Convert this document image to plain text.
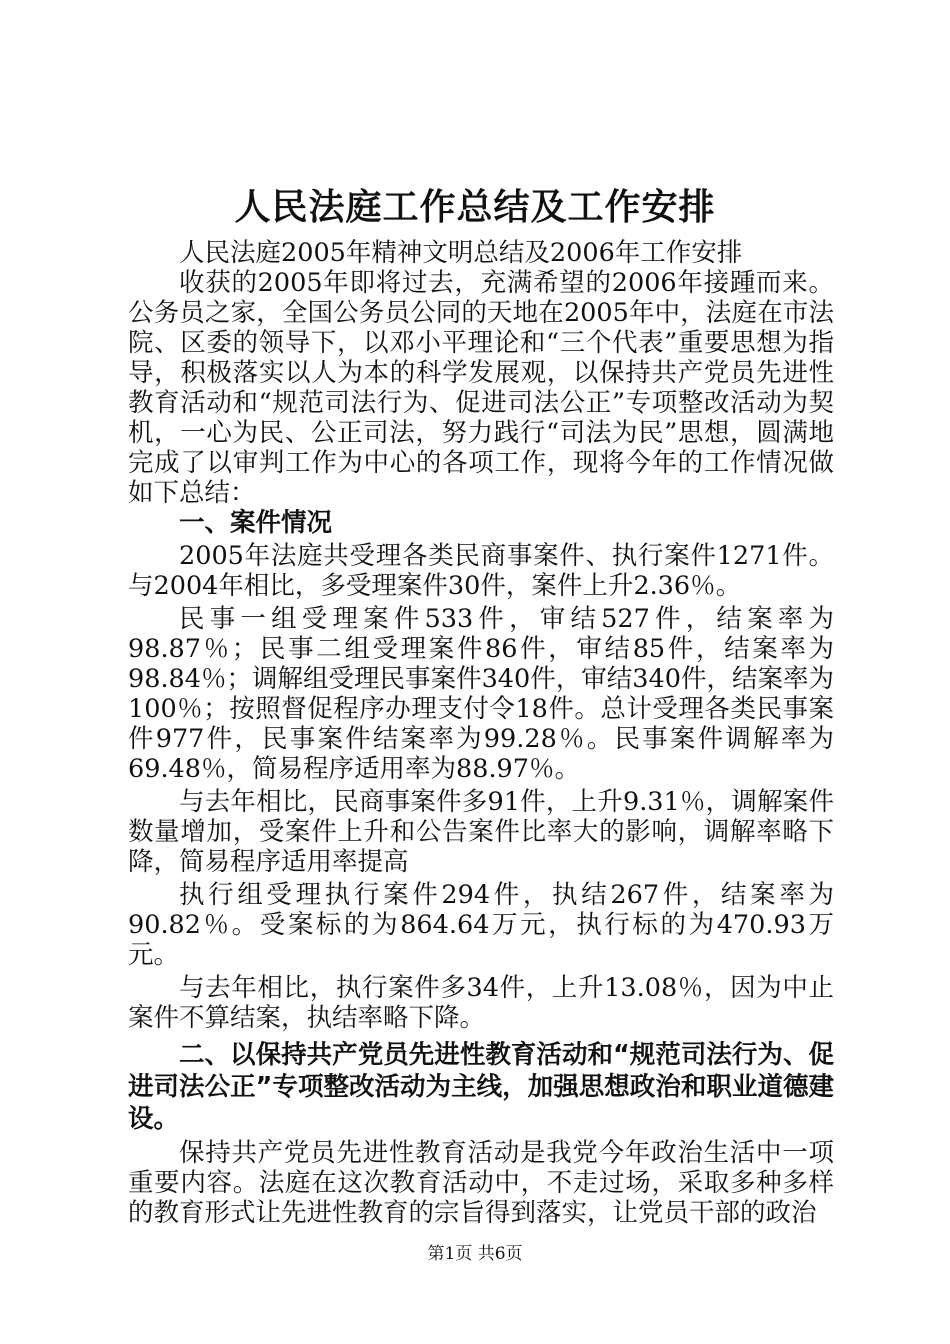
人民法庭工作总结及工作安排

人民法庭2005年精神文明总结及2006年工作安排

收获的2005年即将过去，充满希望的2006年接踵而来。公务员之家，全国公务员公同的天地在2005年中，法庭在市法院、区委的领导下，以邓小平理论和“三个代表”重要思想为指导，积极落实以人为本的科学发展观，以保持共产党员先进性教育活动和“规范司法行为、促进司法公正”专项整改活动为契机，一心为民、公正司法，努力践行“司法为民”思想，圆满地完成了以审判工作为中心的各项工作，现将今年的工作情况做如下总结：

一、案件情况

2005年法庭共受理各类民商事案件、执行案件1271件。与2004年相比，多受理案件30件，案件上升2.36％。

民事一组受理案件533件，审结527件，结案率为98.87％；民事二组受理案件86件，审结85件，结案率为98.84％；调解组受理民事案件340件，审结340件，结案率为100％；按照督促程序办理支付令18件。总计受理各类民事案件977件，民事案件结案率为99.28％。民事案件调解率为69.48％，简易程序适用率为88.97％。

与去年相比，民商事案件多91件，上升9.31％，调解案件数量增加，受案件上升和公告案件比率大的影响，调解率略下降，简易程序适用率提高

执行组受理执行案件294件，执结267件，结案率为90.82％。受案标的为864.64万元，执行标的为470.93万元。

与去年相比，执行案件多34件，上升13.08％，因为中止案件不算结案，执结率略下降。

二、以保持共产党员先进性教育活动和“规范司法行为、促进司法公正”专项整改活动为主线，加强思想政治和职业道德建设。

保持共产党员先进性教育活动是我党今年政治生活中一项重要内容。法庭在这次教育活动中，不走过场，采取多种多样的教育形式让先进性教育的宗旨得到落实，让党员干部的政治

第1页 共6页
